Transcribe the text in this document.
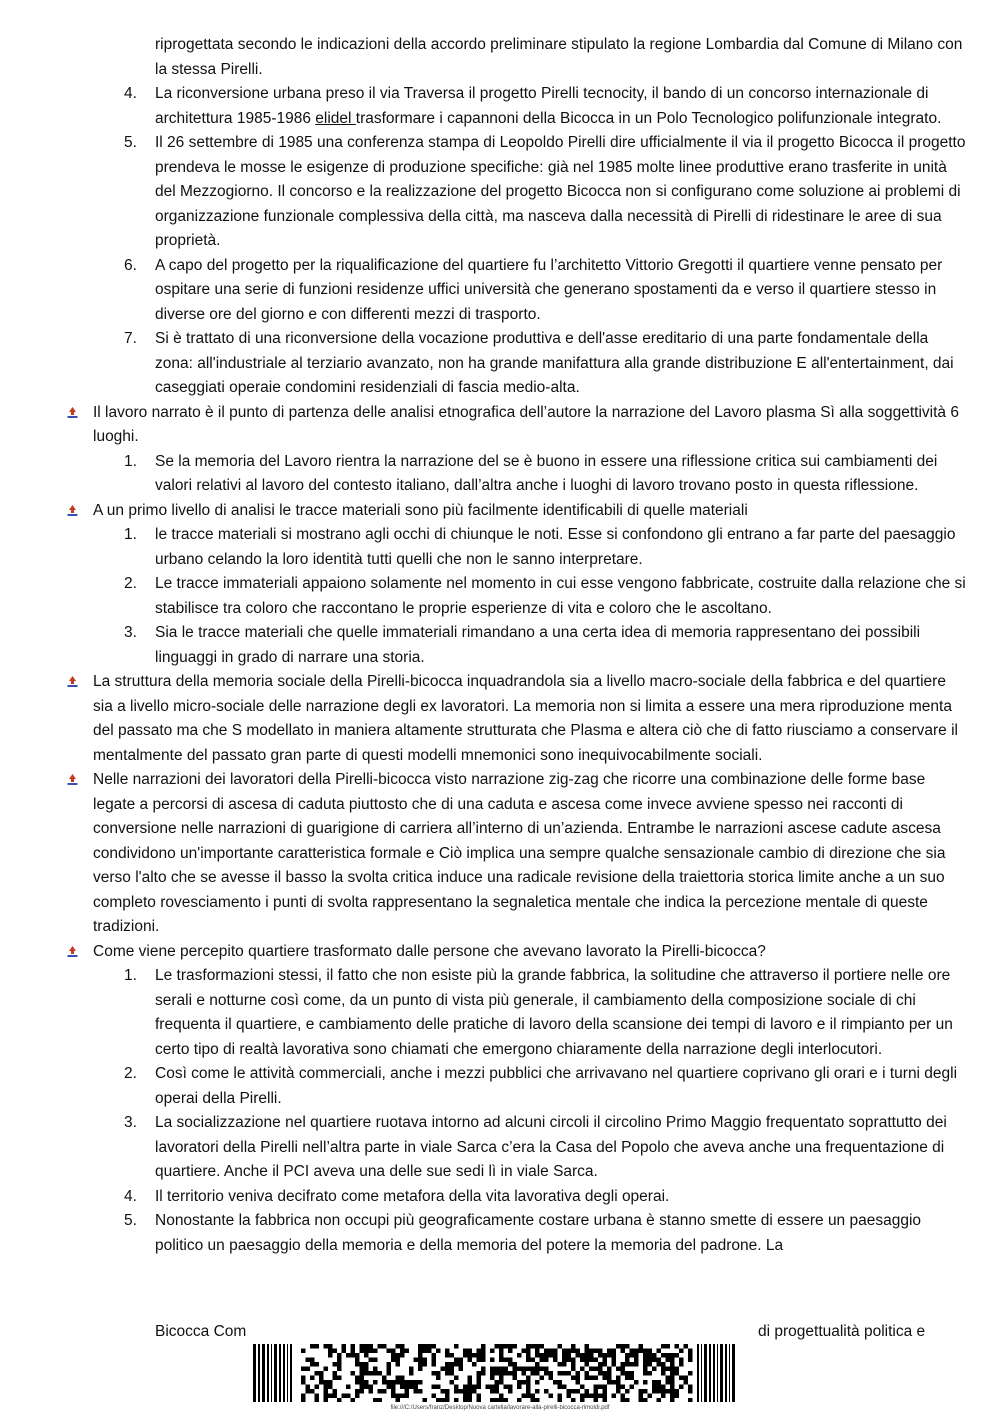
riprogettata secondo le indicazioni della accordo preliminare stipulato la regione Lombardia dal Comune di Milano con la stessa Pirelli.
4.	La riconversione urbana preso il via Traversa il progetto Pirelli tecnocity, il bando di un concorso internazionale di architettura 1985-1986 elidel trasformare i capannoni della Bicocca in un Polo Tecnologico polifunzionale integrato.
5.	Il 26 settembre di 1985 una conferenza stampa di Leopoldo Pirelli dire ufficialmente il via il progetto Bicocca il progetto prendeva le mosse le esigenze di produzione specifiche: già nel 1985 molte linee produttive erano trasferite in unità del Mezzogiorno. Il concorso e la realizzazione del progetto Bicocca non si configurano come soluzione ai problemi di organizzazione funzionale complessiva della città, ma nasceva dalla necessità di Pirelli di ridestinare le aree di sua proprietà.
6.	A capo del progetto per la riqualificazione del quartiere fu l’architetto Vittorio Gregotti il quartiere venne pensato per ospitare una serie di funzioni residenze uffici università che generano spostamenti da e verso il quartiere stesso in diverse ore del giorno e con differenti mezzi di trasporto.
7.	Si è trattato di una riconversione della vocazione produttiva e dell'asse ereditario di una parte fondamentale della zona: all'industriale al terziario avanzato, non ha grande manifattura alla grande distribuzione E all'entertainment, dai caseggiati operaie condomini residenziali di fascia medio-alta.
Il lavoro narrato è il punto di partenza delle analisi etnografica dell’autore la narrazione del Lavoro plasma Sì alla soggettività 6 luoghi.
1.	Se la memoria del Lavoro rientra la narrazione del se è buono in essere una riflessione critica sui cambiamenti dei valori relativi al lavoro del contesto italiano, dall’altra anche i luoghi di lavoro trovano posto in questa riflessione.
A un primo livello di analisi le tracce materiali sono più facilmente identificabili di quelle materiali
1.	le tracce materiali si mostrano agli occhi di chiunque le noti. Esse si confondono gli entrano a far parte del paesaggio urbano celando la loro identità tutti quelli che non le sanno interpretare.
2.	Le tracce immateriali appaiono solamente nel momento in cui esse vengono fabbricate, costruite dalla relazione che si stabilisce tra coloro che raccontano le proprie esperienze di vita e coloro che le ascoltano.
3.	Sia le tracce materiali che quelle immateriali rimandano a una certa idea di memoria rappresentano dei possibili linguaggi in grado di narrare una storia.
La struttura della memoria sociale della Pirelli-bicocca inquadrandola sia a livello macro-sociale della fabbrica e del quartiere sia a livello micro-sociale delle narrazione degli ex lavoratori. La memoria non si limita a essere una mera riproduzione menta del passato ma che S modellato in maniera altamente strutturata che Plasma e altera ciò che di fatto riusciamo a conservare il mentalmente del passato gran parte di questi modelli mnemonici sono inequivocabilmente sociali.
Nelle narrazioni dei lavoratori della Pirelli-bicocca visto narrazione zig-zag che ricorre una combinazione delle forme base legate a percorsi di ascesa di caduta piuttosto che di una caduta e ascesa come invece avviene spesso nei racconti di conversione nelle narrazioni di guarigione di carriera all’interno di un’azienda. Entrambe le narrazioni ascese cadute ascesa condividono un'importante caratteristica formale e Ciò implica una sempre qualche sensazionale cambio di direzione che sia verso l'alto che se avesse il basso la svolta critica induce una radicale revisione della traiettoria storica limite anche a un suo completo rovesciamento i punti di svolta rappresentano la segnaletica mentale che indica la percezione mentale di queste tradizioni.
Come viene percepito quartiere trasformato dalle persone che avevano lavorato la Pirelli-bicocca?
1.	Le trasformazioni stessi, il fatto che non esiste più la grande fabbrica, la solitudine che attraverso il portiere nelle ore serali e notturne così come, da un punto di vista più generale, il cambiamento della composizione sociale di chi frequenta il quartiere, e cambiamento delle pratiche di lavoro della scansione dei tempi di lavoro e il rimpianto per un certo tipo di realtà lavorativa sono chiamati che emergono chiaramente della narrazione degli interlocutori.
2.	Così come le attività commerciali, anche i mezzi pubblici che arrivavano nel quartiere coprivano gli orari e i turni degli operai della Pirelli.
3.	La socializzazione nel quartiere ruotava intorno ad alcuni circoli il circolino Primo Maggio frequentato soprattutto dei lavoratori della Pirelli nell’altra parte in viale Sarca c’era la Casa del Popolo che aveva anche una frequentazione di quartiere. Anche il PCI aveva una delle sue sedi lì in viale Sarca.
4.	Il territorio veniva decifrato come metafora della vita lavorativa degli operai.
5.	Nonostante la fabbrica non occupi più geograficamente costare urbana è stanno smette di essere un paesaggio politico un paesaggio della memoria e della memoria del potere la memoria del padrone. La
Bicocca Com	di progettualità politica e
file:///C:/Users/franz/Desktop/Nuova cartella/lavorare-alla-pirelli-bicocca-rimoldi.pdf
